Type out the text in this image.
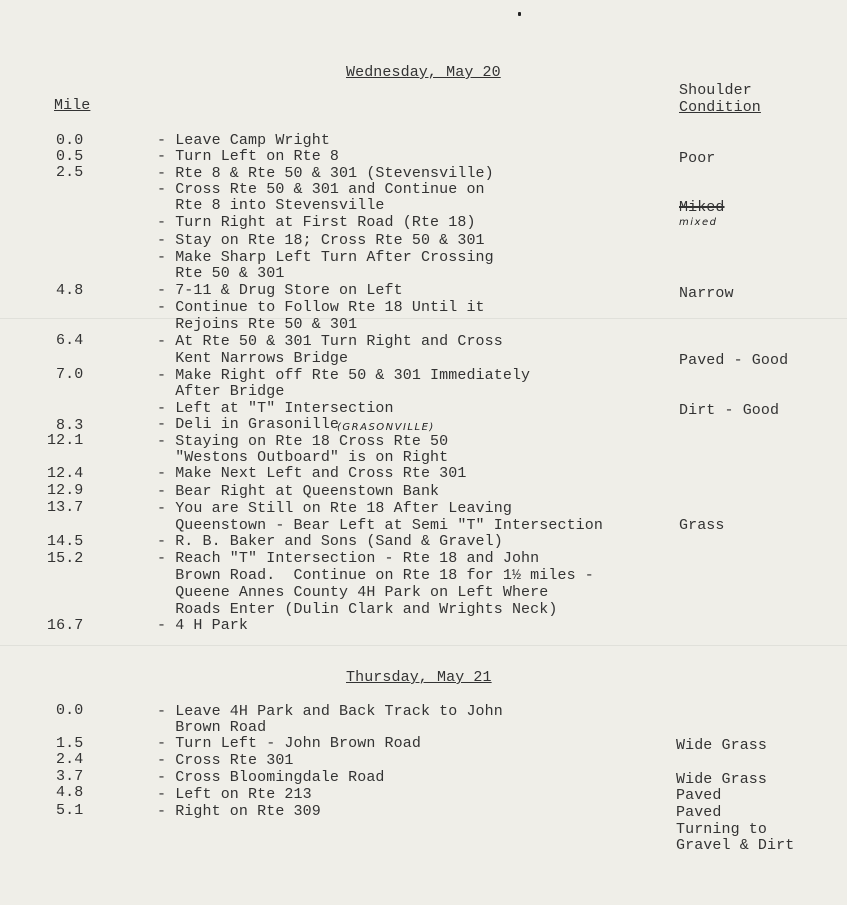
Wednesday, May 20
Mile
Shoulder
Condition
0.0
0.5
2.5
4.8
6.4
7.0
8.3
12.1
12.4
12.9
13.7
14.5
15.2
16.7
- Leave Camp Wright
- Turn Left on Rte 8
- Rte 8 & Rte 50 & 301 (Stevensville)
- Cross Rte 50 & 301 and Continue on
Rte 8 into Stevensville
- Turn Right at First Road (Rte 18)
- Stay on Rte 18; Cross Rte 50 & 301
- Make Sharp Left Turn After Crossing
Rte 50 & 301
- 7-11 & Drug Store on Left
- Continue to Follow Rte 18 Until it
Rejoins Rte 50 & 301
- At Rte 50 & 301 Turn Right and Cross
Kent Narrows Bridge
- Make Right off Rte 50 & 301 Immediately
After Bridge
- Left at "T" Intersection
- Deli in Grasonille
(GRASONVILLE)
- Staying on Rte 18 Cross Rte 50
"Westons Outboard" is on Right
- Make Next Left and Cross Rte 301
- Bear Right at Queenstown Bank
- You are Still on Rte 18 After Leaving
Queenstown - Bear Left at Semi "T" Intersection
- R. B. Baker and Sons (Sand & Gravel)
- Reach "T" Intersection - Rte 18 and John
Brown Road.  Continue on Rte 18 for 1½ miles -
Queene Annes County 4H Park on Left Where
Roads Enter (Dulin Clark and Wrights Neck)
- 4 H Park
Poor
Miked
mixed
Narrow
Paved - Good
Dirt - Good
Grass
Thursday, May 21
0.0
1.5
2.4
3.7
4.8
5.1
- Leave 4H Park and Back Track to John
Brown Road
- Turn Left - John Brown Road
- Cross Rte 301
- Cross Bloomingdale Road
- Left on Rte 213
- Right on Rte 309
Wide Grass
Wide Grass
Paved
Paved
Turning to
Gravel & Dirt
